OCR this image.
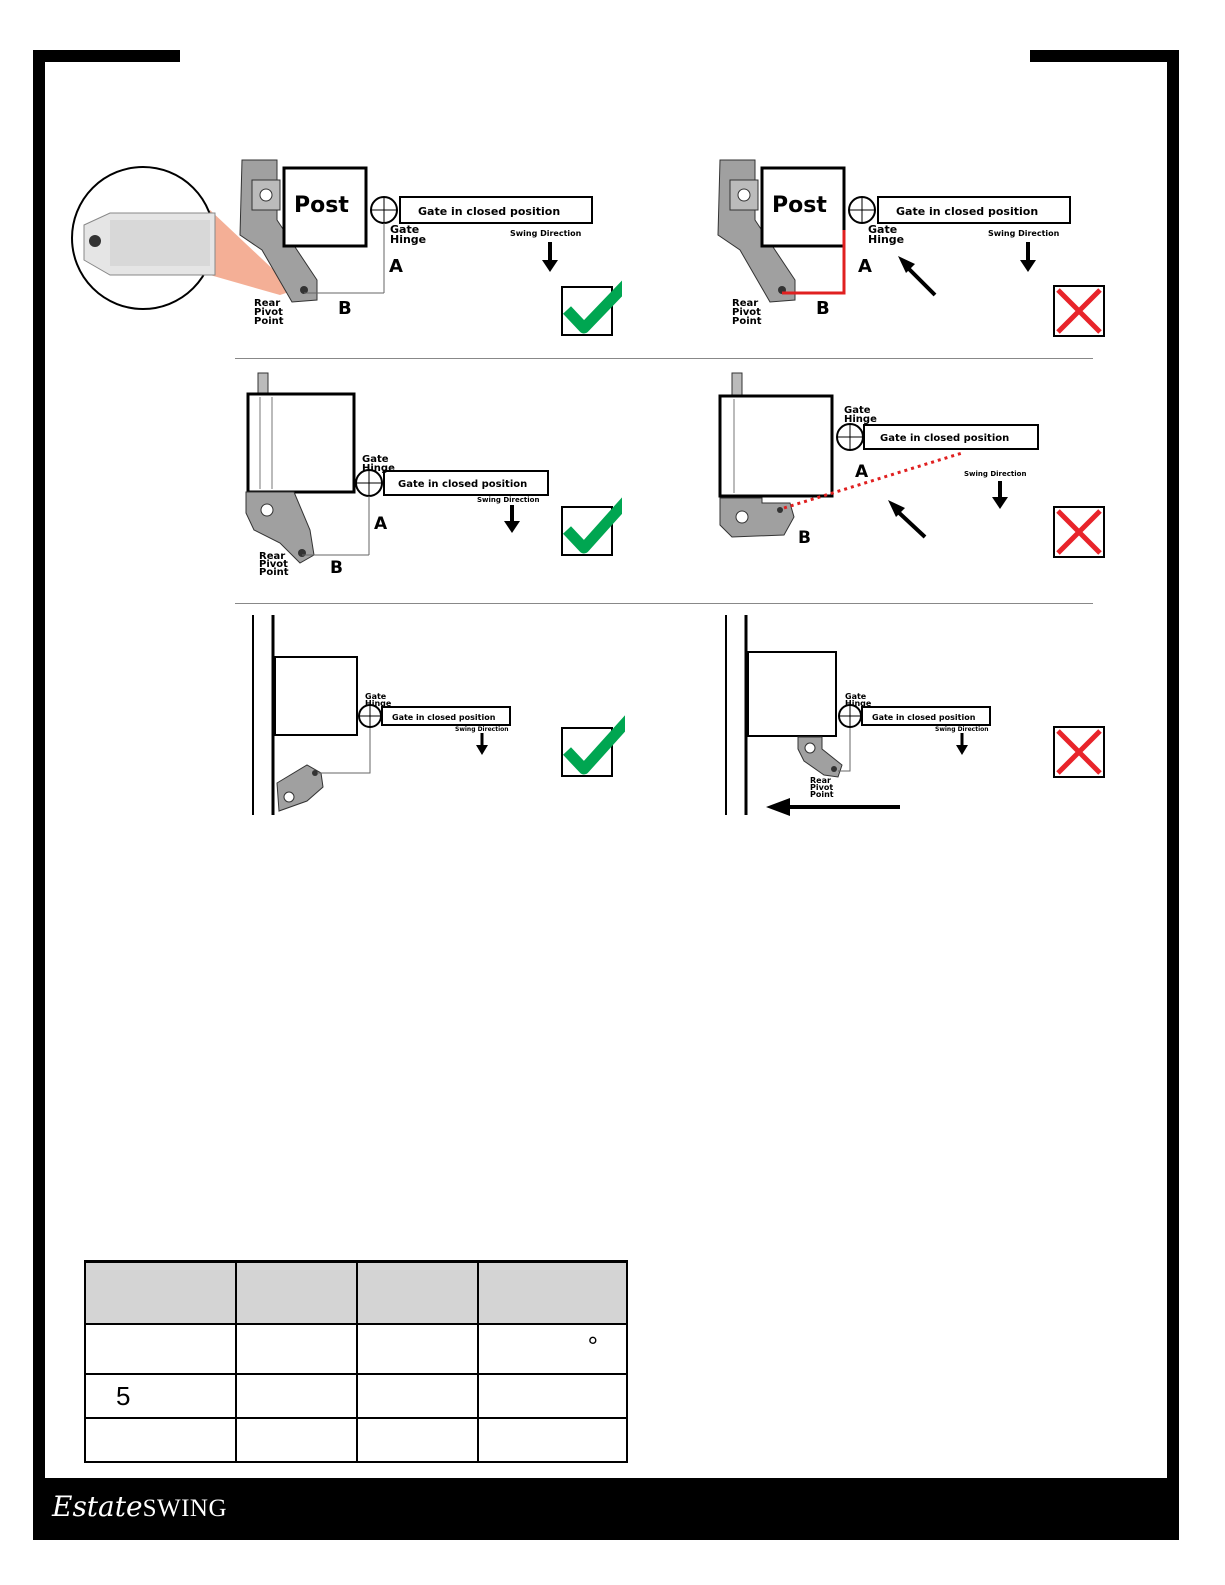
EstateSWING
Post	Gate in closed position
Gate
Hinge	Swing Direction
A
B
Rear
Pivot
Point
Post	Gate in closed position
Gate
Hinge	Swing Direction
A
B
Rear
Pivot
Point
Gate in closed position
Gate
Hinge
Swing Direction
A
B
Rear
Pivot
Point
Gate in closed position
Gate
Hinge
Swing Direction
A
B
Gate in closed position
Gate
Hinge
Swing Direction
Gate in closed position
Gate
Hinge
Swing Direction
Rear
Pivot
Point

			°
5			
